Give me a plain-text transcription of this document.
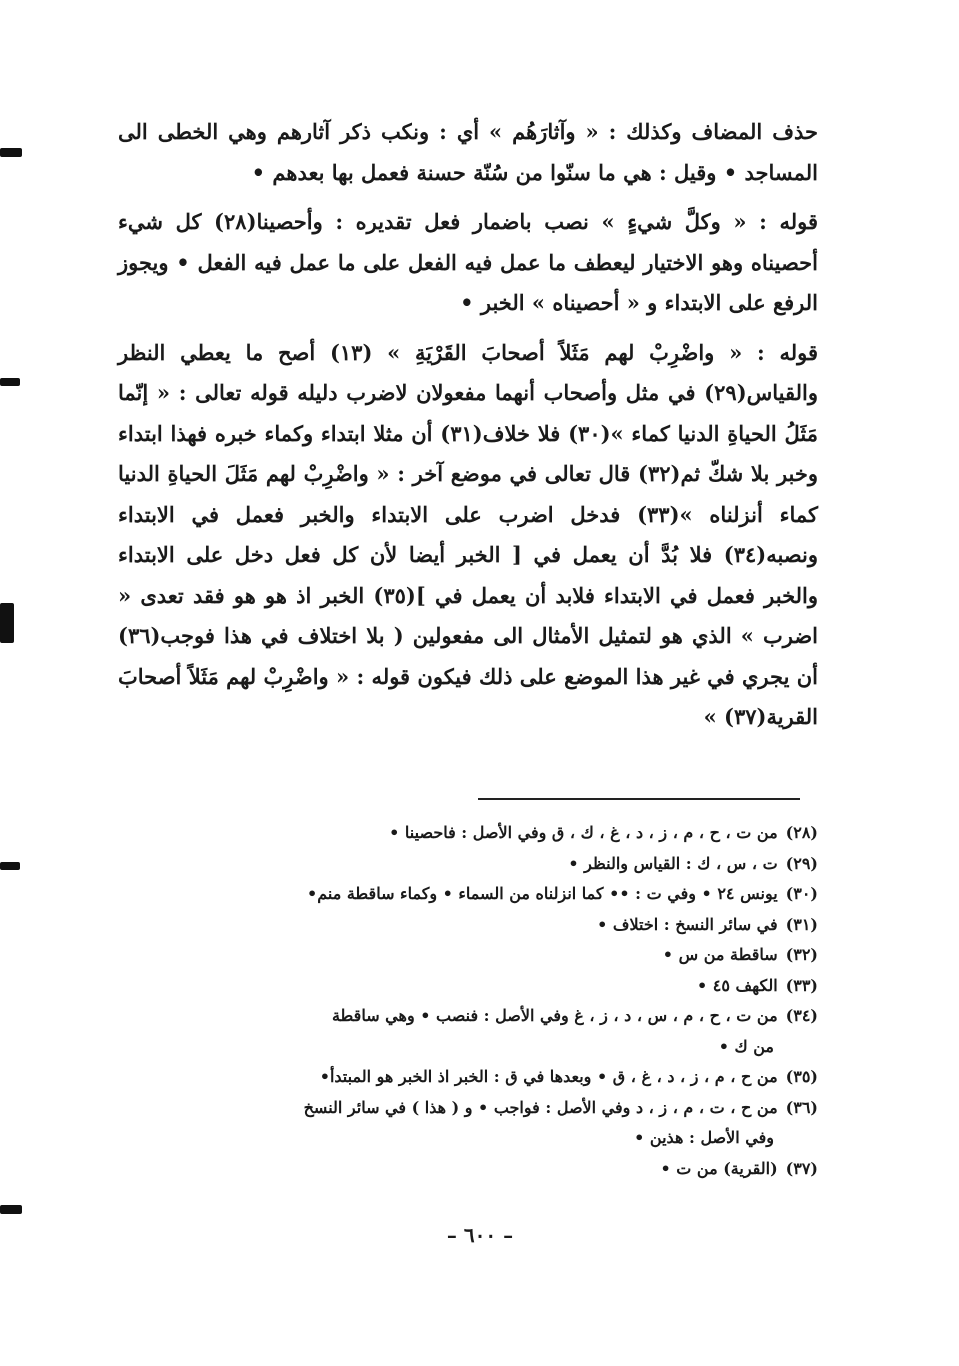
حذف المضاف وكذلك : « وآثارَهُم » أي : ونكب ذكر آثارهم وهي الخطى الى المساجد • وقيل : هي ما سنّوا من سُنّة حسنة فعمل بها بعدهم •

قوله : « وكلَّ شيءٍ » نصب باضمار فعل تقديره : وأحصينا(٢٨) كل شيء أحصيناه وهو الاختيار ليعطف ما عمل فيه الفعل على ما عمل فيه الفعل • ويجوز الرفع على الابتداء و « أحصيناه » الخبر •

قوله : « واضْرِبْ لهم مَثَلاً أصحابَ القَرْيَةِ » (١٣) أصح ما يعطي النظر والقياس(٢٩) في مثل وأصحاب أنهما مفعولان لاضرب دليله قوله تعالى : « إنّما مَثَلُ الحياةِ الدنيا كماء »(٣٠) فلا خلاف(٣١) أن مثلا ابتداء وكماء خبره فهذا ابتداء وخبر بلا شكّ ثم(٣٢) قال تعالى في موضع آخر : « واضْرِبْ لهم مَثَلَ الحياةِ الدنيا كماء أنزلناه »(٣٣) فدخل اضرب على الابتداء والخبر فعمل في الابتداء ونصبه(٣٤) فلا بُدَّ أن يعمل في [ الخبر أيضا لأن كل فعل دخل على الابتداء والخبر فعمل في الابتداء فلابد أن يعمل في ](٣٥) الخبر اذ هو هو فقد تعدى « اضرب » الذي هو لتمثيل الأمثال الى مفعولين ( بلا اختلاف في هذا فوجب(٣٦) أن يجري في غير هذا الموضع على ذلك فيكون قوله : « واضْرِبْ لهم مَثَلاً أصحابَ القرية(٣٧) »

(٢٨)من ت ، ح ، م ، ز ، د ، غ ، ك ، ق وفي الأصل : فاحصينا •

(٢٩)ت ، س ، ك : القياس والنظر •

(٣٠)يونس ٢٤ • وفي ت : •• كما انزلناه من السماء • وكماء ساقطة منم•

(٣١)في سائر النسخ : اختلاف •

(٣٢)ساقطة من س •

(٣٣)الكهف ٤٥ •

(٣٤)من ت ، ح ، م ، س ، د ، ز ، غ وفي الأصل : فنصب • وهي ساقطة

من ك •

(٣٥)من ح ، م ، ز ، د ، غ ، ق • وبعدها في ق : الخبر اذ الخبر هو المبتدأ•

(٣٦)من ح ، ت ، م ، ز ، د وفي الأصل : فواجب • و ( هذا ) في سائر النسخ

وفي الأصل : هذين •

(٣٧)(القرية) من ت •

– ٦٠٠ –
